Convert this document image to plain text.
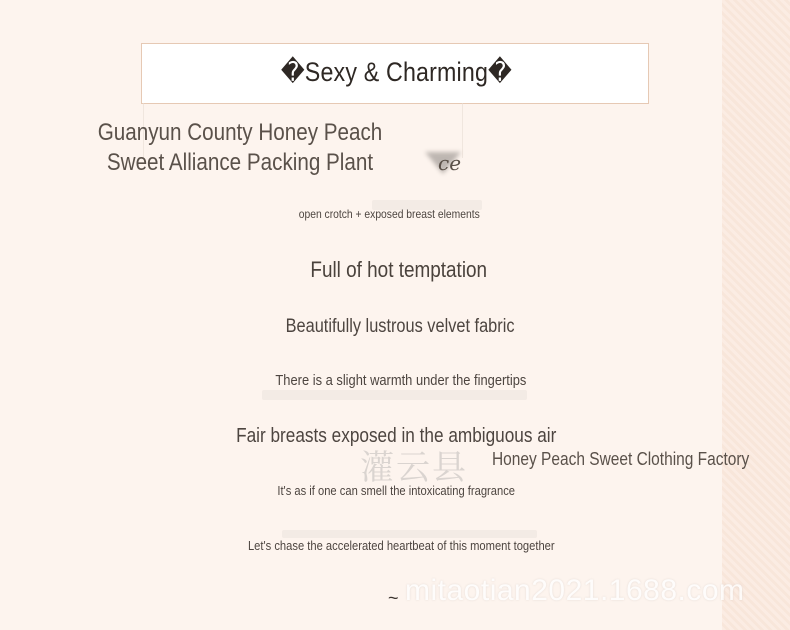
�Sexy & Charming�
Guanyun County Honey Peach Sweet Alliance Packing Plant	ce
open crotch + exposed breast elements
Full of hot temptation
Beautifully lustrous velvet fabric
There is a slight warmth under the fingertips
灌云县
Fair breasts exposed in the ambiguous air
Honey Peach Sweet Clothing Factory
It's as if one can smell the intoxicating fragrance
Let's chase the accelerated heartbeat of this moment together
~ mitaotian2021.1688.com
